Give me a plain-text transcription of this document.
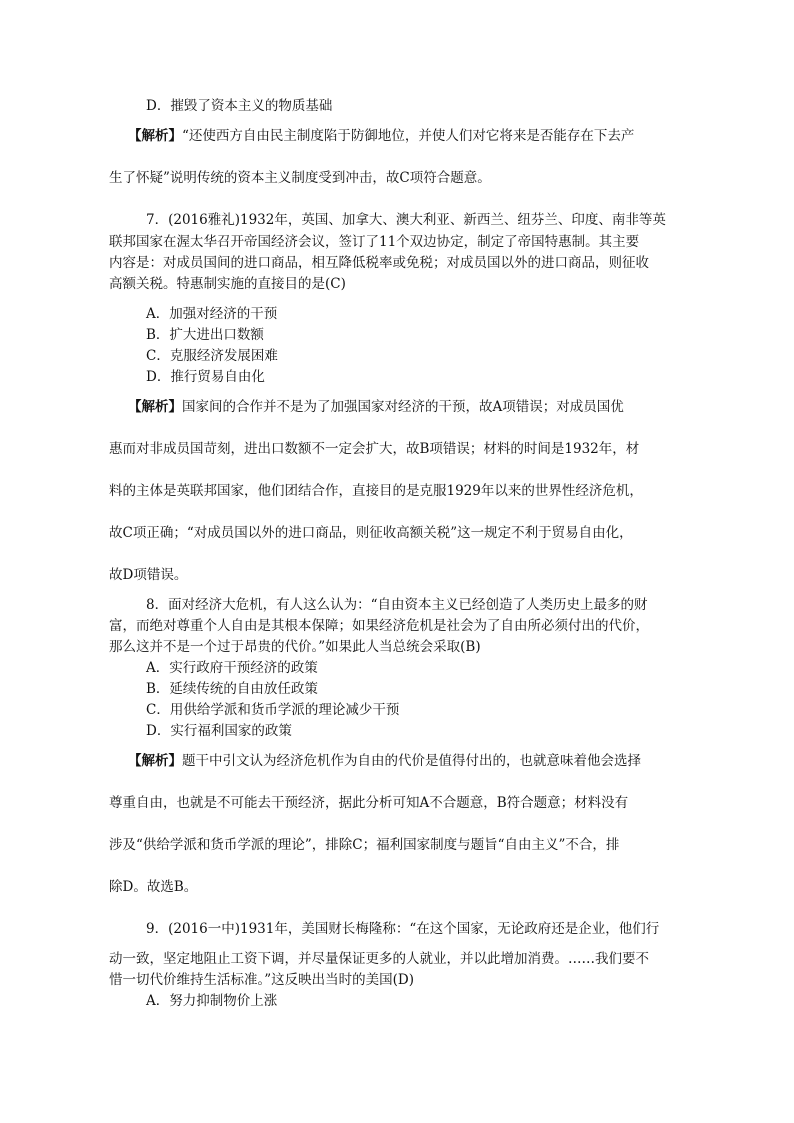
D．摧毁了资本主义的物质基础
【解析】“还使西方自由民主制度陷于防御地位，并使人们对它将来是否能存在下去产
生了怀疑”说明传统的资本主义制度受到冲击，故C项符合题意。
7．(2016雅礼)1932年，英国、加拿大、澳大利亚、新西兰、纽芬兰、印度、南非等英
联邦国家在渥太华召开帝国经济会议，签订了11个双边协定，制定了帝国特惠制。其主要
内容是：对成员国间的进口商品，相互降低税率或免税；对成员国以外的进口商品，则征收
高额关税。特惠制实施的直接目的是(C)
A．加强对经济的干预
B．扩大进出口数额
C．克服经济发展困难
D．推行贸易自由化
【解析】国家间的合作并不是为了加强国家对经济的干预，故A项错误；对成员国优
惠而对非成员国苛刻，进出口数额不一定会扩大，故B项错误；材料的时间是1932年，材
料的主体是英联邦国家，他们团结合作，直接目的是克服1929年以来的世界性经济危机，
故C项正确；“对成员国以外的进口商品，则征收高额关税”这一规定不利于贸易自由化，
故D项错误。
8．面对经济大危机，有人这么认为：“自由资本主义已经创造了人类历史上最多的财
富，而绝对尊重个人自由是其根本保障；如果经济危机是社会为了自由所必须付出的代价，
那么这并不是一个过于昂贵的代价。”如果此人当总统会采取(B)
A．实行政府干预经济的政策
B．延续传统的自由放任政策
C．用供给学派和货币学派的理论减少干预
D．实行福利国家的政策
【解析】题干中引文认为经济危机作为自由的代价是值得付出的，也就意味着他会选择
尊重自由，也就是不可能去干预经济，据此分析可知A不合题意，B符合题意；材料没有
涉及“供给学派和货币学派的理论”，排除C；福利国家制度与题旨“自由主义”不合，排
除D。故选B。
9．(2016一中)1931年，美国财长梅隆称：“在这个国家，无论政府还是企业，他们行
动一致，坚定地阻止工资下调，并尽量保证更多的人就业，并以此增加消费。……我们要不
惜一切代价维持生活标准。”这反映出当时的美国(D)
A．努力抑制物价上涨
